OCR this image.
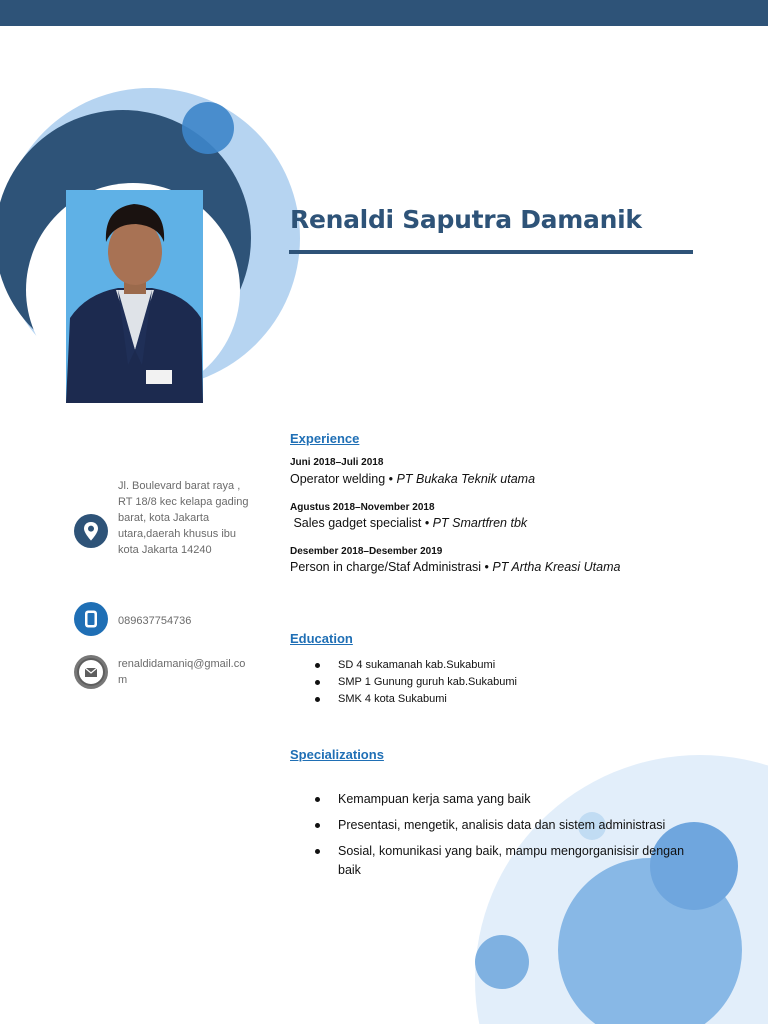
Renaldi Saputra Damanik
Jl. Boulevard barat raya , RT 18/8 kec kelapa gading barat, kota Jakarta utara,daerah khusus ibu kota Jakarta 14240
089637754736
renaldidamaniq@gmail.com
Experience
Juni 2018–Juli 2018
Operator welding • PT Bukaka Teknik utama
Agustus 2018–November 2018
Sales gadget specialist • PT Smartfren tbk
Desember 2018–Desember 2019
Person in charge/Staf Administrasi • PT Artha Kreasi Utama
Education
SD 4 sukamanah kab.Sukabumi
SMP 1 Gunung guruh kab.Sukabumi
SMK 4 kota Sukabumi
Specializations
Kemampuan kerja sama yang baik
Presentasi, mengetik, analisis data dan sistem administrasi
Sosial, komunikasi yang baik, mampu mengorganisisir dengan baik
